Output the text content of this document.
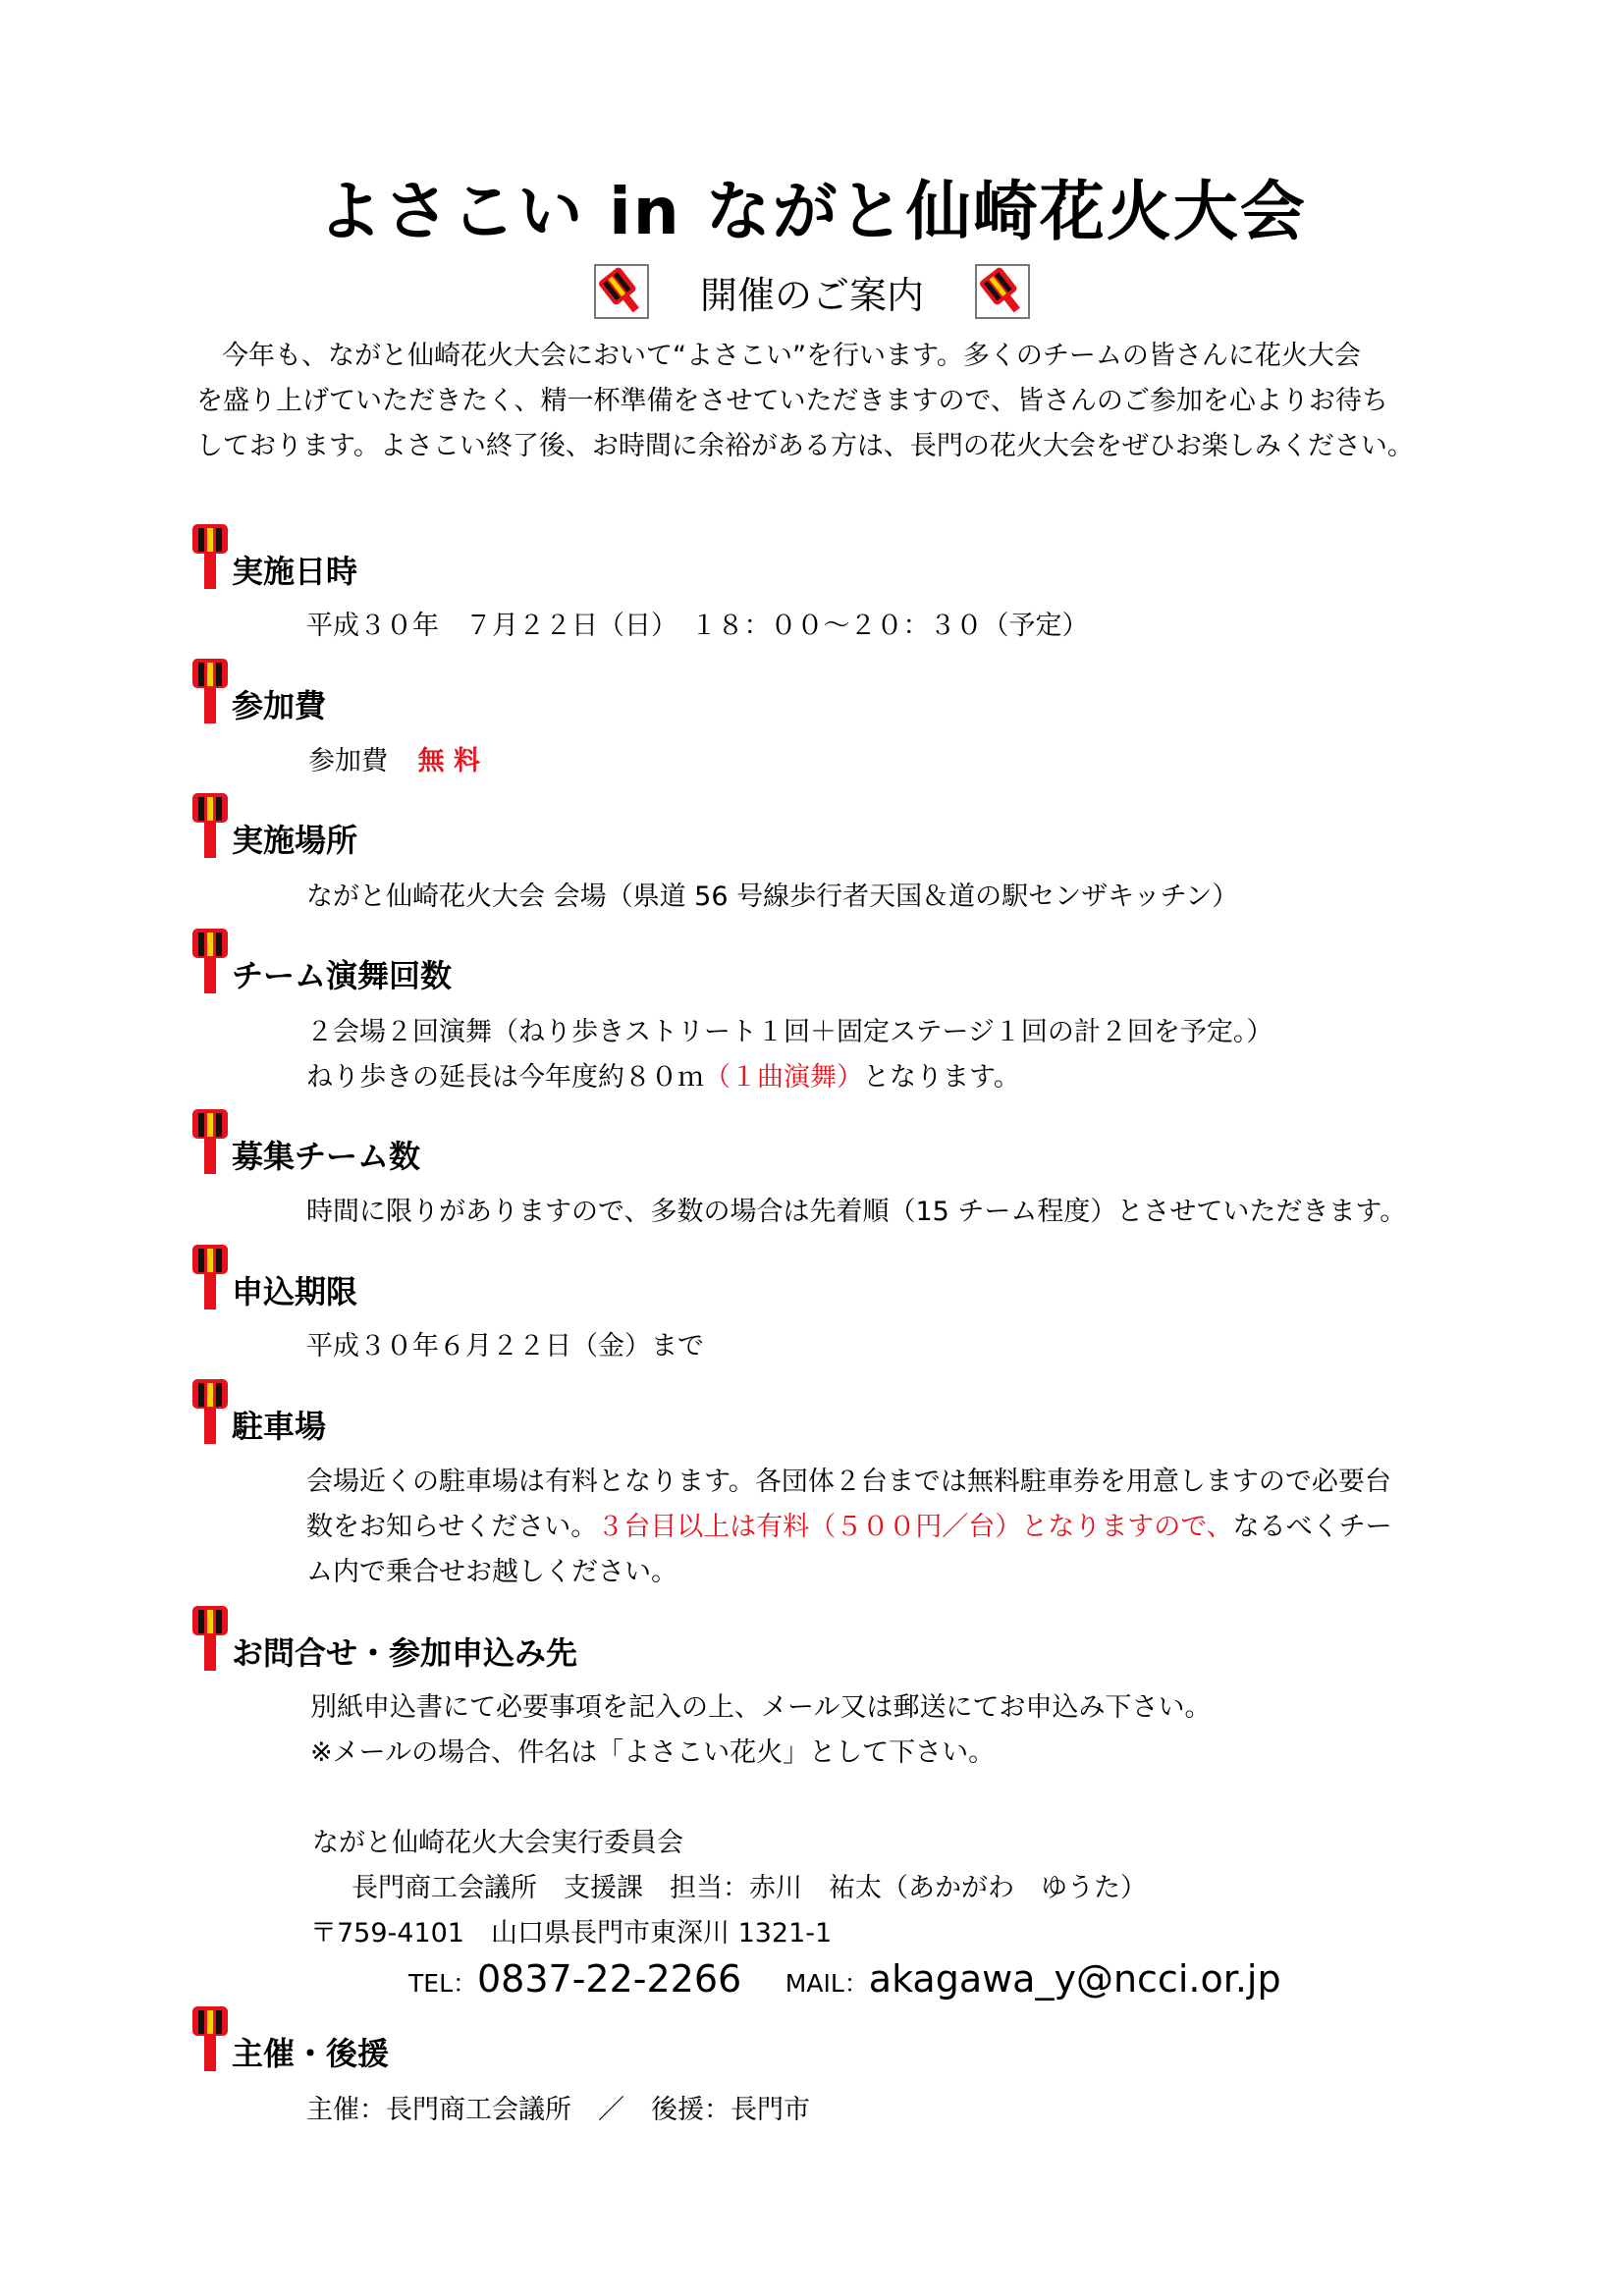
よさこい in ながと仙崎花火大会
開催のご案内

今年も、ながと仙崎花火大会において“よさこい”を行います。多くのチームの皆さんに花火大会

を盛り上げていただきたく、精一杯準備をさせていただきますので、皆さんのご参加を心よりお待ち

しております。よさこい終了後、お時間に余裕がある方は、長門の花火大会をぜひお楽しみください。

実施日時
平成３０年　７月２２日（日）　１８：００～２０：３０（予定）
参加費
参加費 無 料
実施場所
ながと仙崎花火大会 会場（県道 56 号線歩行者天国＆道の駅センザキッチン）
チーム演舞回数
２会場２回演舞（ねり歩きストリート１回＋固定ステージ１回の計２回を予定。）
ねり歩きの延長は今年度約８０ｍ（１曲演舞）となります。
募集チーム数
時間に限りがありますので、多数の場合は先着順（15 チーム程度）とさせていただきます。
申込期限
平成３０年６月２２日（金）まで
駐車場
会場近くの駐車場は有料となります。各団体２台までは無料駐車券を用意しますので必要台
数をお知らせください。３台目以上は有料（５００円／台）となりますので、なるべくチー
ム内で乗合せお越しください。
お問合せ・参加申込み先
別紙申込書にて必要事項を記入の上、メール又は郵送にてお申込み下さい。
※メールの場合、件名は「よさこい花火」として下さい。
ながと仙崎花火大会実行委員会
長門商工会議所　支援課　担当：赤川　祐太（あかがわ　ゆうた）
〒759-4101　山口県長門市東深川 1321-1
TEL：0837-22-2266 MAIL：akagawa_y@ncci.or.jp
主催・後援
主催：長門商工会議所　／　後援：長門市
